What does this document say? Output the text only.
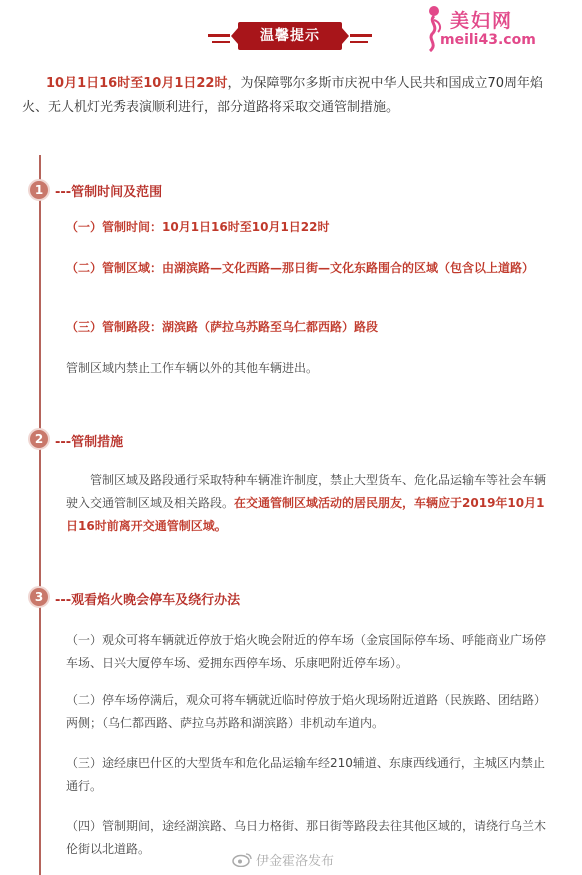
温馨提示
美妇网
meili43.com
10月1日16时至10月1日22时，为保障鄂尔多斯市庆祝中华人民共和国成立70周年焰火、无人机灯光秀表演顺利进行，部分道路将采取交通管制措施。
1 ---管制时间及范围
（一）管制时间：10月1日16时至10月1日22时
（二）管制区域：由湖滨路—文化西路—那日街—文化东路围合的区域（包含以上道路）
（三）管制路段：湖滨路（萨拉乌苏路至乌仁都西路）路段
管制区域内禁止工作车辆以外的其他车辆进出。
2 ---管制措施
管制区域及路段通行采取特种车辆准许制度，禁止大型货车、危化品运输车等社会车辆驶入交通管制区域及相关路段。在交通管制区域活动的居民朋友，车辆应于2019年10月1日16时前离开交通管制区域。
3 ---观看焰火晚会停车及绕行办法
（一）观众可将车辆就近停放于焰火晚会附近的停车场（金宸国际停车场、呼能商业广场停车场、日兴大厦停车场、爱拥东西停车场、乐康吧附近停车场）。
（二）停车场停满后，观众可将车辆就近临时停放于焰火现场附近道路（民族路、团结路）两侧；（乌仁都西路、萨拉乌苏路和湖滨路）非机动车道内。
（三）途经康巴什区的大型货车和危化品运输车经210辅道、东康西线通行，主城区内禁止通行。
（四）管制期间，途经湖滨路、乌日力格街、那日街等路段去往其他区域的，请绕行乌兰木伦街以北道路。
伊金霍洛发布
